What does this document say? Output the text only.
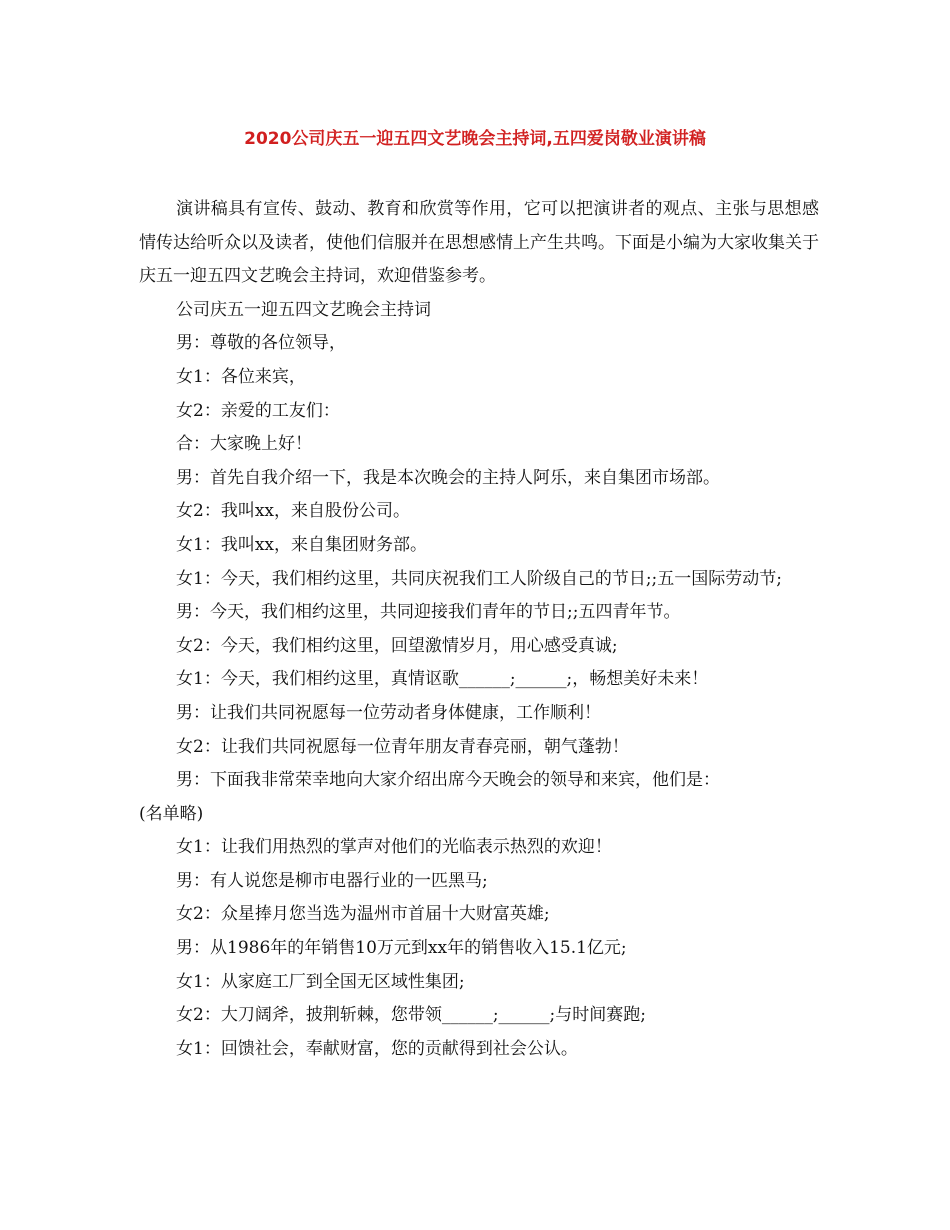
2020公司庆五一迎五四文艺晚会主持词,五四爱岗敬业演讲稿

演讲稿具有宣传、鼓动、教育和欣赏等作用，它可以把演讲者的观点、主张与思想感情传达给听众以及读者，使他们信服并在思想感情上产生共鸣。下面是小编为大家收集关于庆五一迎五四文艺晚会主持词，欢迎借鉴参考。

公司庆五一迎五四文艺晚会主持词

男：尊敬的各位领导，

女1：各位来宾，

女2：亲爱的工友们：

合：大家晚上好！

男：首先自我介绍一下，我是本次晚会的主持人阿乐，来自集团市场部。

女2：我叫xx，来自股份公司。

女1：我叫xx，来自集团财务部。

女1：今天，我们相约这里，共同庆祝我们工人阶级自己的节日;;五一国际劳动节;

男：今天，我们相约这里，共同迎接我们青年的节日;;五四青年节。

女2：今天，我们相约这里，回望激情岁月，用心感受真诚;

女1：今天，我们相约这里，真情讴歌______;______;，畅想美好未来！

男：让我们共同祝愿每一位劳动者身体健康，工作顺利！

女2：让我们共同祝愿每一位青年朋友青春亮丽，朝气蓬勃！

男：下面我非常荣幸地向大家介绍出席今天晚会的领导和来宾，他们是：

(名单略)

女1：让我们用热烈的掌声对他们的光临表示热烈的欢迎！

男：有人说您是柳市电器行业的一匹黑马;

女2：众星捧月您当选为温州市首届十大财富英雄;

男：从1986年的年销售10万元到xx年的销售收入15.1亿元;

女1：从家庭工厂到全国无区域性集团;

女2：大刀阔斧，披荆斩棘，您带领______;______;与时间赛跑;

女1：回馈社会，奉献财富，您的贡献得到社会公认。
